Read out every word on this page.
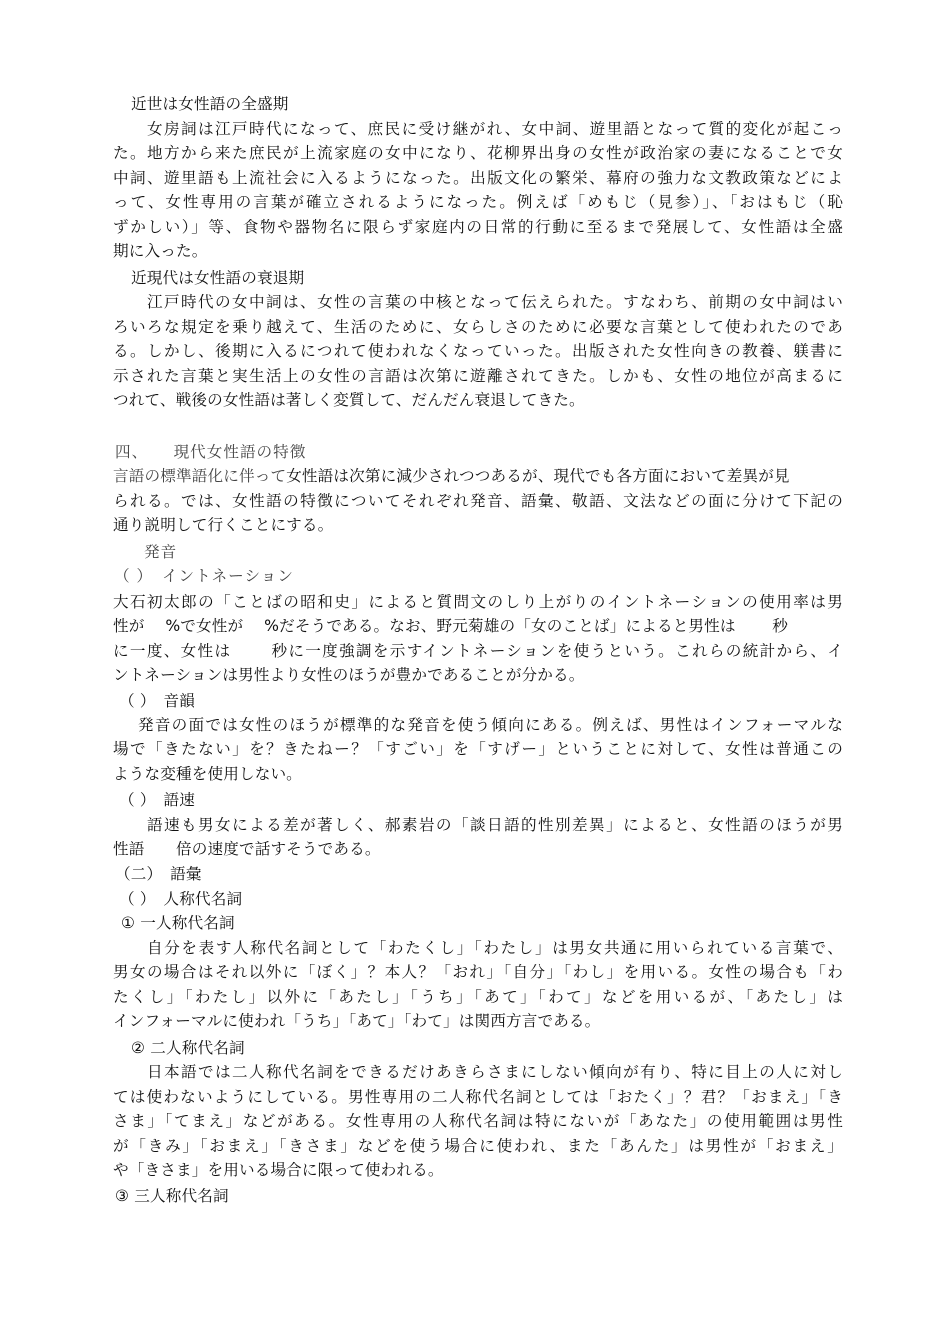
近世は女性語の全盛期
女房詞は江戸時代になって、庶民に受け継がれ、女中詞、遊里語となって質的変化が起こっ
た。地方から来た庶民が上流家庭の女中になり、花柳界出身の女性が政治家の妻になることで女
中詞、遊里語も上流社会に入るようになった。出版文化の繁栄、幕府の強力な文教政策などによ
って、女性専用の言葉が確立されるようになった。例えば「めもじ（見参）」、「おはもじ（恥
ずかしい）」等、食物や器物名に限らず家庭内の日常的行動に至るまで発展して、女性語は全盛
期に入った。
近現代は女性語の衰退期
江戸時代の女中詞は、女性の言葉の中核となって伝えられた。すなわち、前期の女中詞はい
ろいろな規定を乗り越えて、生活のために、女らしさのために必要な言葉として使われたのであ
る。しかし、後期に入るにつれて使われなくなっていった。出版された女性向きの教養、躾書に
示された言葉と実生活上の女性の言語は次第に遊離されてきた。しかも、女性の地位が高まるに
つれて、戦後の女性語は著しく変質して、だんだん衰退してきた。
四、　　現代女性語の特徴
言語の標準語化に伴って女性語は次第に減少されつつあるが、現代でも各方面において差異が見
られる。では、女性語の特徴についてそれぞれ発音、語彙、敬語、文法などの面に分けて下記の
通り説明して行くことにする。
発音
（ ）　イントネーション
大石初太郎の「ことばの昭和史」によると質問文のしり上がりのイントネーションの使用率は男
性が　 %で女性が　 %だそうである。なお、野元菊雄の「女のことば」によると男性は　　 秒
に一度、女性は　　 秒に一度強調を示すイントネーションを使うという。これらの統計から、イ
ントネーションは男性より女性のほうが豊かであることが分かる。
（ ）　音韻
発音の面では女性のほうが標準的な発音を使う傾向にある。例えば、男性はインフォーマルな
場で「きたない」を？きたねー？「すごい」を「すげー」ということに対して、女性は普通この
ような変種を使用しない。
（ ）　語速
語速も男女による差が著しく、郝素岩の「談日語的性別差異」によると、女性語のほうが男
性語　　倍の速度で話すそうである。
（二）　語彙
（ ）　人称代名詞
① 一人称代名詞
自分を表す人称代名詞として「わたくし」「わたし」は男女共通に用いられている言葉で、
男女の場合はそれ以外に「ぼく」？本人？「おれ」「自分」「わし」を用いる。女性の場合も「わ
たくし」「わたし」以外に「あたし」「うち」「あて」「わて」などを用いるが、「あたし」は
インフォーマルに使われ「うち」「あて」「わて」は関西方言である。
② 二人称代名詞
日本語では二人称代名詞をできるだけあきらさまにしない傾向が有り、特に目上の人に対し
ては使わないようにしている。男性専用の二人称代名詞としては「おたく」？君？「おまえ」「き
さま」「てまえ」などがある。女性専用の人称代名詞は特にないが「あなた」の使用範囲は男性
が「きみ」「おまえ」「きさま」などを使う場合に使われ、また「あんた」は男性が「おまえ」
や「きさま」を用いる場合に限って使われる。
③ 三人称代名詞
